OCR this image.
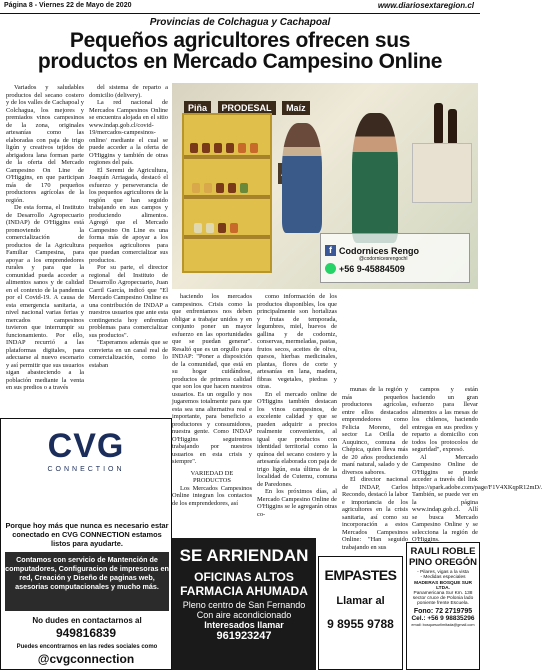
Página 8 - Viernes 22 de Mayo de 2020	www.diariosextaregion.cl
Provincias de Colchagua y Cachapoal
Pequeños agricultores ofrecen sus
productos en Mercado Campesino Online

Variados y saludables productos del secano costero y de los valles de Cachapoal y Colchagua, los mejores y premiados vinos campesinos de la zona, originales artesanías como las elaboradas con paja de trigo ligún y creativos tejidos de abrigadora lana forman parte de la oferta del Mercado Campesino On Line de O'Higgins, en que participan más de 170 pequeños productores agrícolas de la región.

De esta forma, el Instituto de Desarrollo Agropecuario (INDAP) de O'Higgins está promoviendo la comercialización de productos de la Agricultura Familiar Campesina, para apoyar a los emprendedores rurales y para que la comunidad pueda acceder a alimentos sanos y de calidad en el contexto de la pandemia por el Covid-19. A causa de esta emergencia sanitaria, a nivel nacional varias ferias y mercados campesinos tuvieron que interrumpir su funcionamiento. Por ello, INDAP recurrió a las plataformas digitales, para adecuarse al nuevo escenario y así permitir que sus usuarios sigan abasteciendo a la población mediante la venta en sus predios o a través

del sistema de reparto a domicilio (delivery).

La red nacional de Mercados Campesinos Online se encuentra alojada en el sitio www.indap.gob.cl/covid-19/mercados-campesinos-online/ mediante el cual se puede acceder a la oferta de O'Higgins y también de otras regiones del país.

El Seremi de Agricultura, Joaquín Arriagada, destacó el esfuerzo y perseverancia de los pequeños agricultores de la región que han seguido trabajando en sus campos y produciendo alimentos. Agregó que el Mercado Campesino On Line es una forma más de apoyar a los pequeños agricultores para que puedan comercializar sus productos.

Por su parte, el director regional del Instituto de Desarrollo Agropecuario, Juan Carril García, indicó que "El Mercado Campesino Online es una contribución de INDAP a nuestros usuarios que ante esta contingencia hoy enfrentan problemas para comercializar sus productos".

"Esperamos además que se convierta en un canal real de comercialización, como lo estaban

Piña PRODESAL Maíz
f Codornices Rengo
@codornicesrengochl
+56 9-45884509

haciendo los mercados campesinos. Crisis como la que enfrentamos nos deben obligar a trabajar unidos y en conjunto poner un mayor esfuerzo en las oportunidades que se puedan generar". Resaltó que es un orgullo para INDAP: "Poner a disposición de la comunidad, que está en su hogar cuidándose, productos de primera calidad que son los que hacen nuestros usuarios. Es un orgullo y nos jugaremos totalmente para que esta sea una alternativa real e importante, para beneficio a productores y consumidores, nuestra gente. Como INDAP O'Higgins seguiremos trabajando por nuestros usuarios en esta crisis y siempre".

VARIEDAD DE PRODUCTOS

Los Mercados Campesinos Online integran los contactos de los emprendedores, así

como información de los productos disponibles, los que principalmente son hortalizas y frutas de temporada, legumbres, miel, huevos de gallina y de codorniz, conservas, mermeladas, pastas, frutos secos, aceites de oliva, quesos, hierbas medicinales, plantas, flores de corte y artesanías en lana, madera, fibras vegetales, piedras y otras.

En el mercado online de O'Higgins también destacan los vinos campesinos, de excelente calidad y que se pueden adquirir a precios realmente convenientes, al igual que productos con identidad territorial como la quínoa del secano costero y la artesanía elaborada con paja de trigo ligún, esta última de la localidad de Cutemu, comuna de Paredones.

En los próximos días, al Mercado Campesino Online de O'Higgins se le agregarán otras co-

munas de la región y más pequeños productores agrícolas, entre ellos destacados emprendedores como Felicia Moreno, del sector La Orilla de Auquinco, comuna de Chépica, quien lleva más de 20 años produciendo maní natural, salado y de diversos sabores.

El director nacional de INDAP, Carlos Recondo, destacó la labor e importancia de los agricultores en la crisis sanitaria, así como su incorporación a estos Mercados Campesinos Online: "Han seguido trabajando en sus

campos y están haciendo un gran esfuerzo para llevar alimentos a las mesas de los chilenos, haciendo entregas en sus predios y reparto a domicilio con todos los protocolos de seguridad", expresó.

Al Mercado Campesino Online de O'Higgins se puede acceder a través del link https://spark.adobe.com/page/F1V4XKqpR12mD/. También, se puede ver en la página www.indap.gob.cl. Allí se busca Mercado Campesino Online y se selecciona la región de O'Higgins.

CVG
CONNECTION
Porque hoy más que nunca es necesario estar conectado en CVG CONNECTION estamos listos para ayudarte.
Contamos con servicio de Mantención de computadores, Configuracion de impresoras en red, Creación y Diseño de paginas web, asesorias computacionales y mucho más.
No dudes en contactarnos al
949816839
Puedes encontrarnos en las redes sociales como
@cvgconnection
SE ARRIENDAN
OFICINAS ALTOS
FARMACIA AHUMADA
Pleno centro de San Fernando
Con aire acondicionado
Interesados llamar
961923247
EMPASTES
Llamar al
9 8955 9788
RAULI ROBLE
PINO OREGÓN
- Pilares, vigas a la vista
- Medidas especiales
MADERAS BOSQUE SUR LTDA.
Panamericana Sur Km. 138
sector cruce de Polonia lado
poniente frente Escuela.
Fono: 72 2719795
Cel.: +56 9 98835296
email: bosquesurlimitada@gmail.com
